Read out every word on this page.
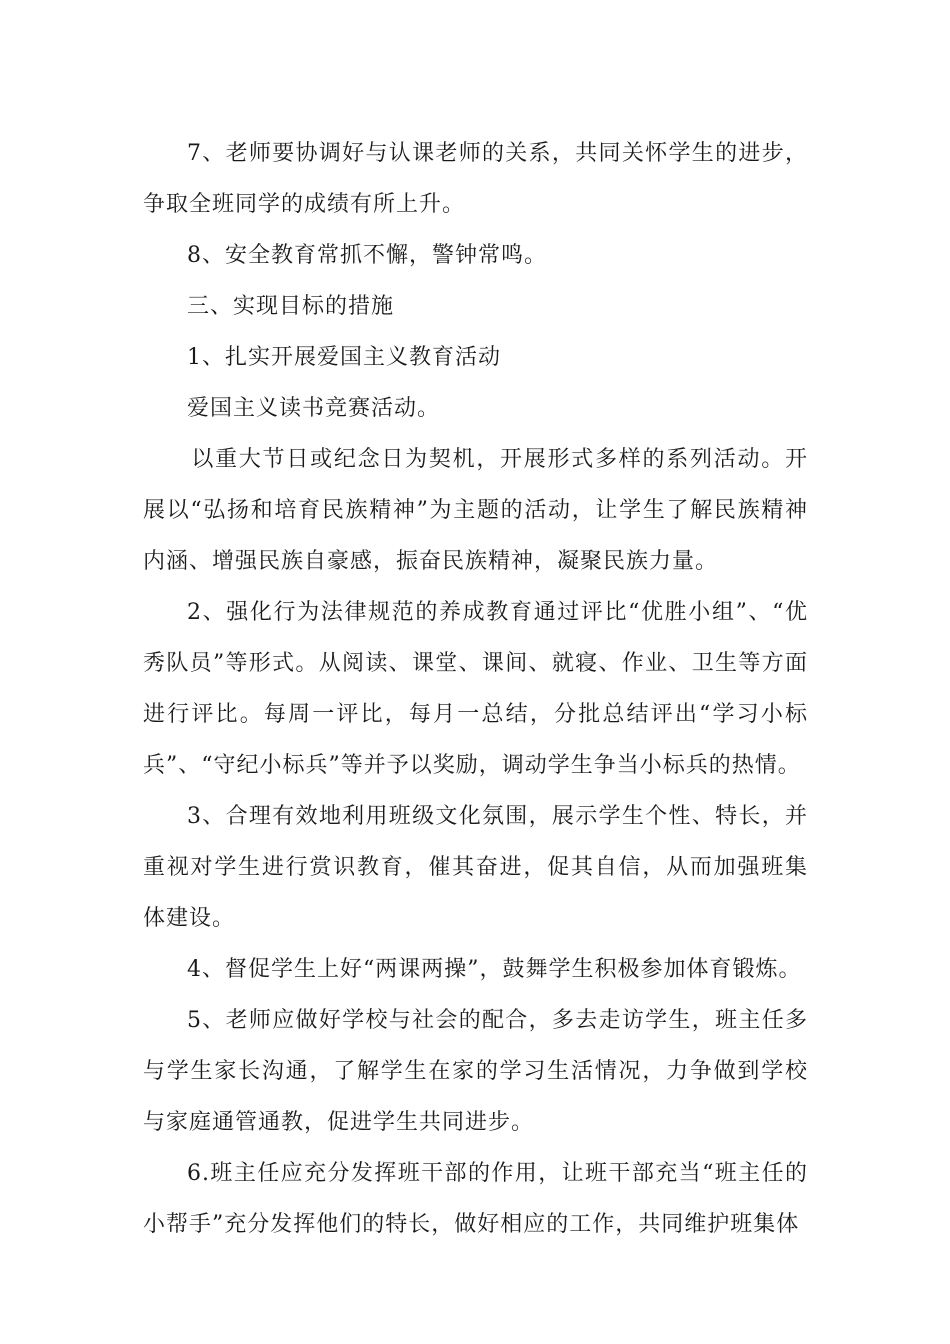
7、老师要协调好与认课老师的关系，共同关怀学生的进步，争取全班同学的成绩有所上升。

8、安全教育常抓不懈，警钟常鸣。

三、实现目标的措施

1、扎实开展爱国主义教育活动

爱国主义读书竞赛活动。

以重大节日或纪念日为契机，开展形式多样的系列活动。开展以“弘扬和培育民族精神”为主题的活动，让学生了解民族精神内涵、增强民族自豪感，振奋民族精神，凝聚民族力量。

2、强化行为法律规范的养成教育通过评比“优胜小组”、“优秀队员”等形式。从阅读、课堂、课间、就寝、作业、卫生等方面进行评比。每周一评比，每月一总结，分批总结评出“学习小标兵”、“守纪小标兵”等并予以奖励，调动学生争当小标兵的热情。

3、合理有效地利用班级文化氛围，展示学生个性、特长，并重视对学生进行赏识教育，催其奋进，促其自信，从而加强班集体建设。

4、督促学生上好“两课两操”，鼓舞学生积极参加体育锻炼。

5、老师应做好学校与社会的配合，多去走访学生，班主任多与学生家长沟通，了解学生在家的学习生活情况，力争做到学校与家庭通管通教，促进学生共同进步。

6.班主任应充分发挥班干部的作用，让班干部充当“班主任的小帮手”充分发挥他们的特长，做好相应的工作，共同维护班集体
